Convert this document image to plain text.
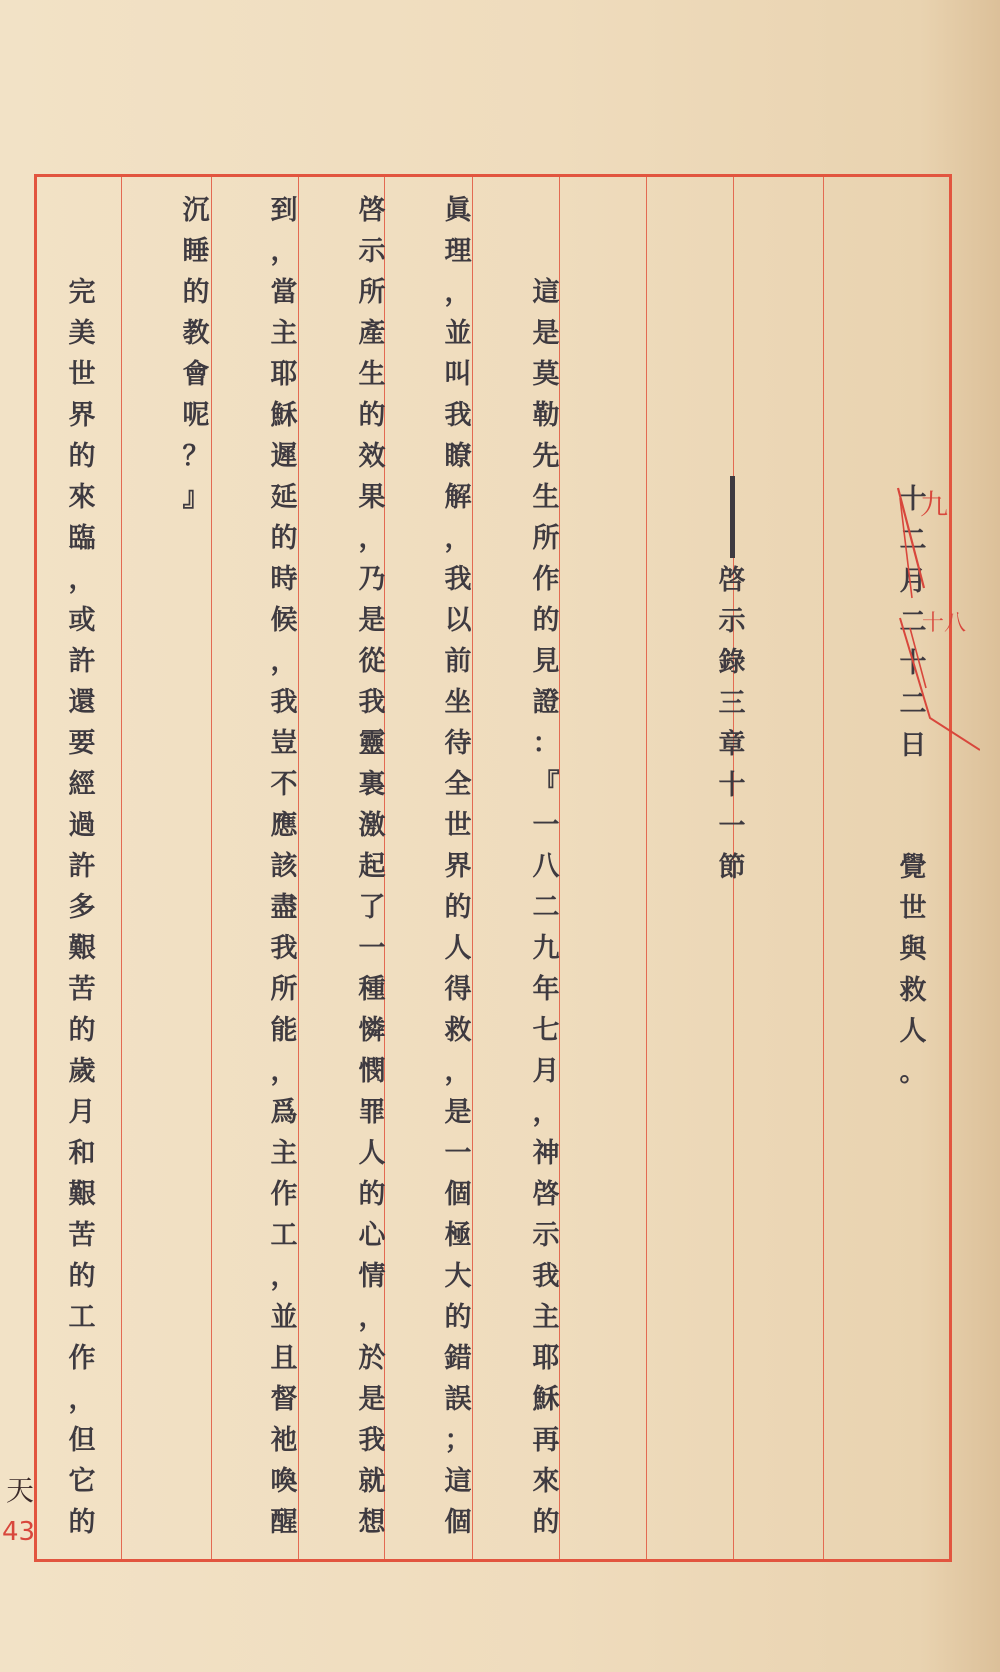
十
二
月
二
十
二
日
覺
世
與
救
人
。
啓
示
錄
三
章
十
一
節
這
是
莫
勒
先
生
所
作
的
見
證
：
『
一
八
二
九
年
七
月
，
神
啓
示
我
主
耶
穌
再
來
的
眞
理
，
並
叫
我
瞭
解
，
我
以
前
坐
待
全
世
界
的
人
得
救
，
是
一
個
極
大
的
錯
誤
；
這
個
啓
示
所
產
生
的
效
果
，
乃
是
從
我
靈
裏
激
起
了
一
種
憐
憫
罪
人
的
心
情
，
於
是
我
就
想
到
，
當
主
耶
穌
遲
延
的
時
候
，
我
豈
不
應
該
盡
我
所
能
，
爲
主
作
工
，
並
且
督
祂
喚
醒
沉
睡
的
教
會
呢
？
』
完
美
世
界
的
來
臨
，
或
許
還
要
經
過
許
多
艱
苦
的
歲
月
和
艱
苦
的
工
作
，
但
它
的
九
十八
天
43
